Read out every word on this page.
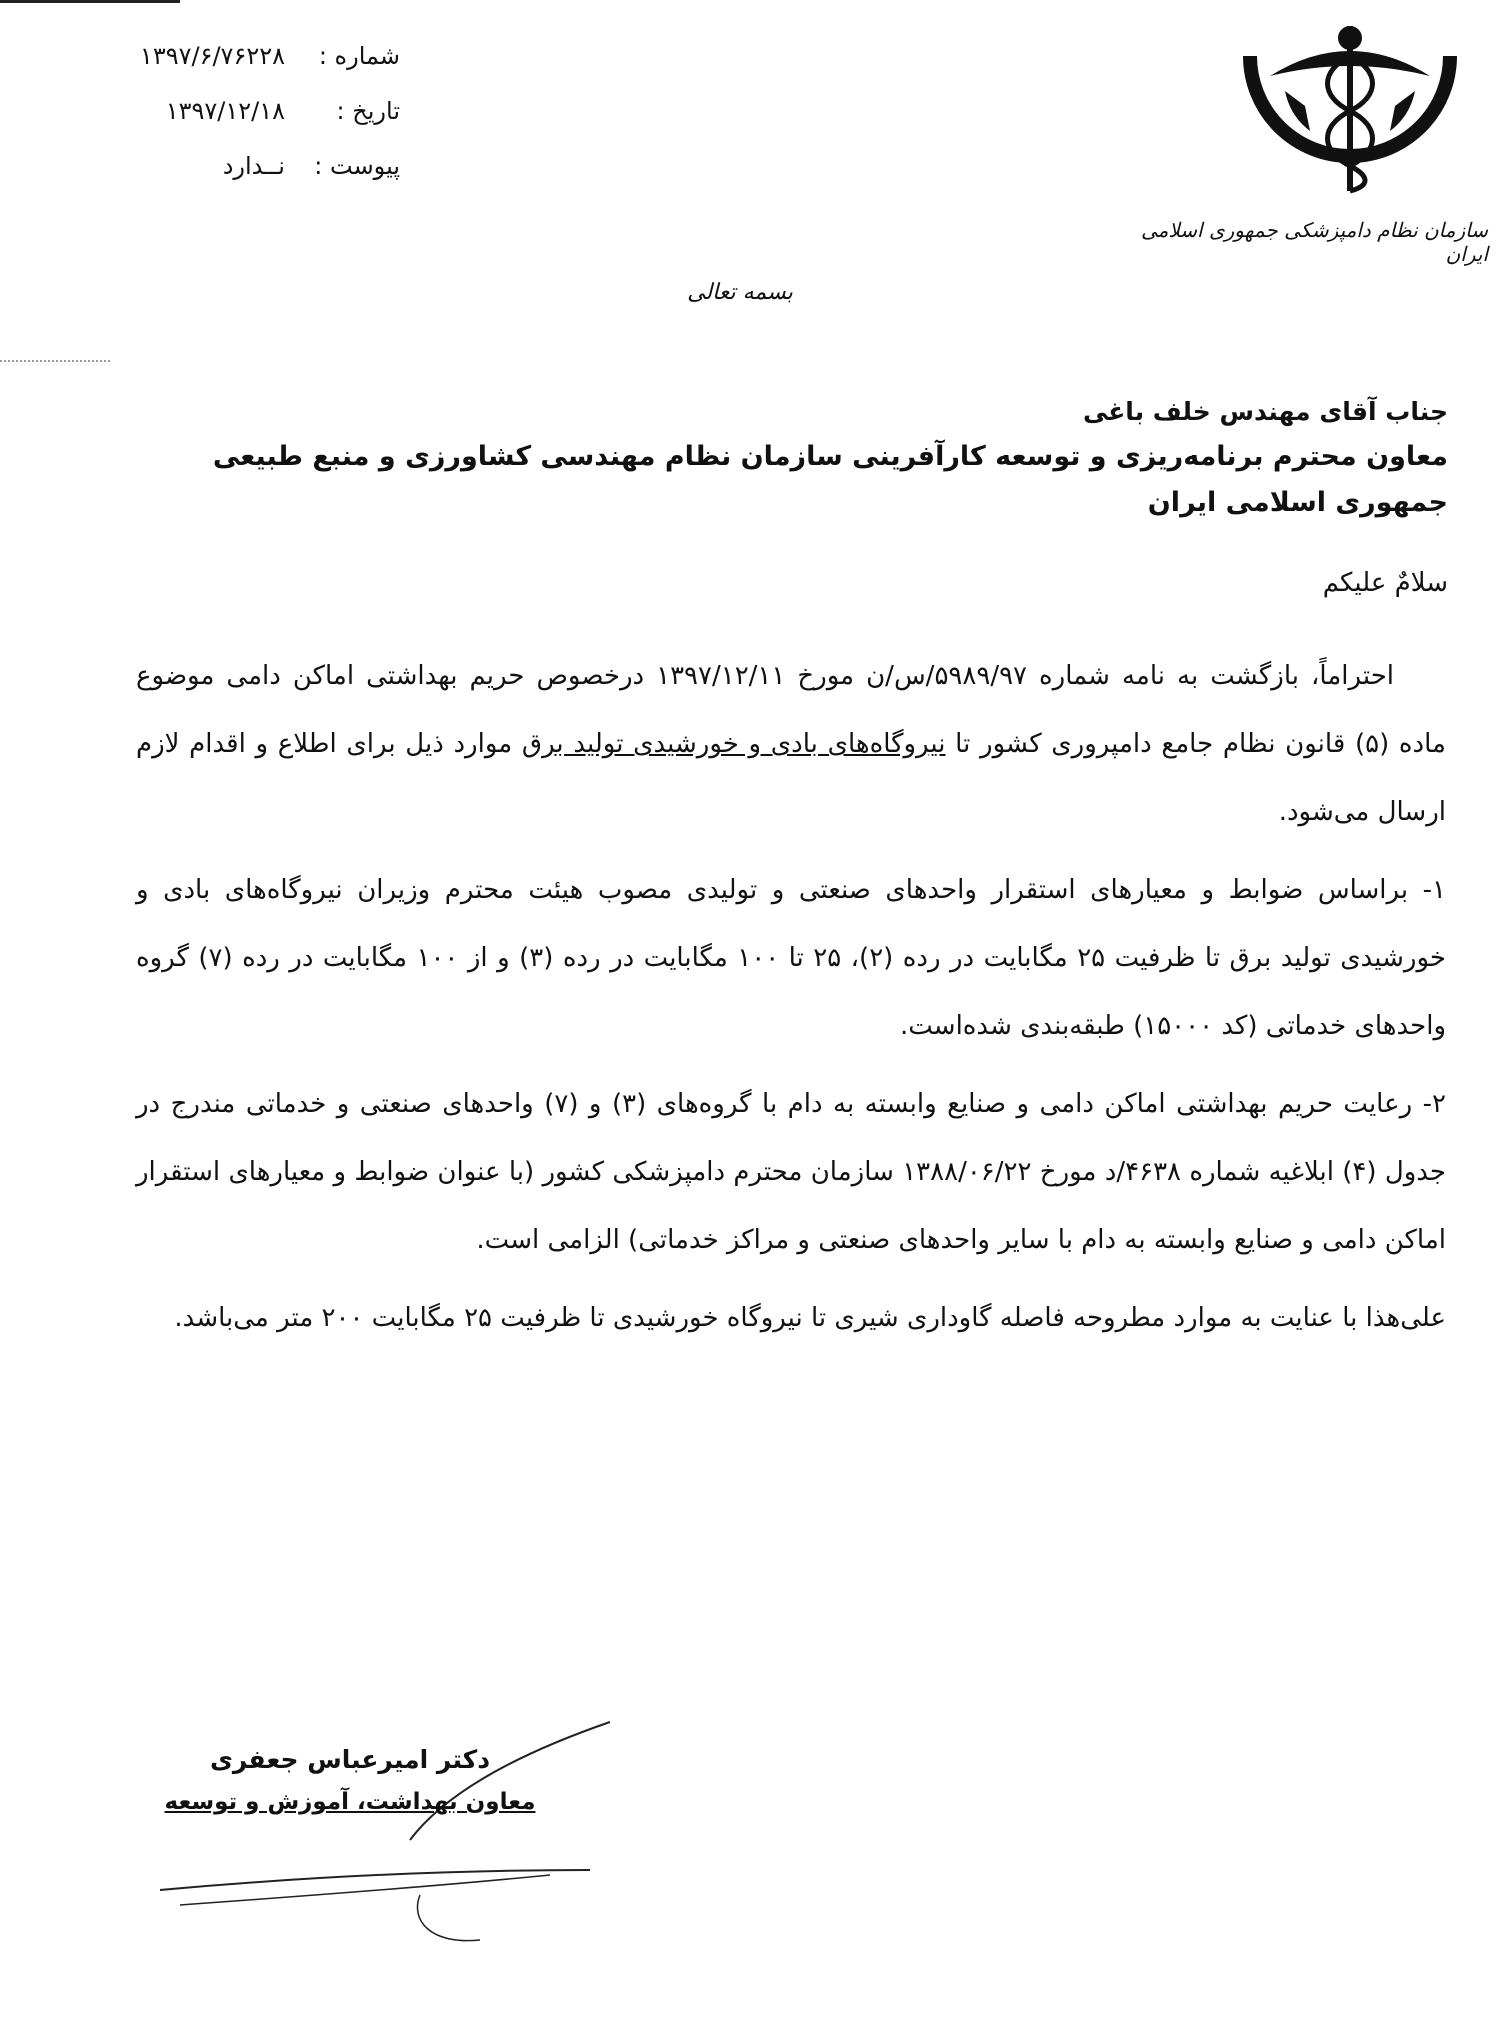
شماره :
۱۳۹۷/۶/۷۶۲۲۸
تاریخ :
۱۳۹۷/۱۲/۱۸
پیوست :
نــدارد
سازمان نظام دامپزشکی جمهوری اسلامی ایران
بسمه تعالی
جناب آقای مهندس خلف باغی
معاون محترم برنامه‌ریزی و توسعه کارآفرینی سازمان نظام مهندسی کشاورزی و منبع طبیعی جمهوری اسلامی ایران
سلامٌ علیکم

احتراماً، بازگشت به نامه شماره ۵۹۸۹/۹۷/س/ن مورخ ۱۳۹۷/۱۲/۱۱ درخصوص حریم بهداشتی اماکن دامی موضوع ماده (۵) قانون نظام جامع دامپروری کشور تا نیروگاه‌های بادی و خورشیدی تولید برق موارد ذیل برای اطلاع و اقدام لازم ارسال می‌شود.

۱- براساس ضوابط و معیارهای استقرار واحدهای صنعتی و تولیدی مصوب هیئت محترم وزیران نیروگاه‌های بادی و خورشیدی تولید برق تا ظرفیت ۲۵ مگابایت در رده (۲)، ۲۵ تا ۱۰۰ مگابایت در رده (۳) و از ۱۰۰ مگابایت در رده (۷) گروه واحدهای خدماتی (کد ۱۵۰۰۰) طبقه‌بندی شده‌است.

۲- رعایت حریم بهداشتی اماکن دامی و صنایع وابسته به دام با گروه‌های (۳) و (۷) واحدهای صنعتی و خدماتی مندرج در جدول (۴) ابلاغیه شماره ۴۶۳۸/د مورخ ۱۳۸۸/۰۶/۲۲ سازمان محترم دامپزشکی کشور (با عنوان ضوابط و معیارهای استقرار اماکن دامی و صنایع وابسته به دام با سایر واحدهای صنعتی و مراکز خدماتی) الزامی است.

علی‌هذا با عنایت به موارد مطروحه فاصله گاوداری شیری تا نیروگاه خورشیدی تا ظرفیت ۲۵ مگابایت ۲۰۰ متر می‌باشد.

دکتر امیرعباس جعفری
معاون بهداشت، آموزش و توسعه
